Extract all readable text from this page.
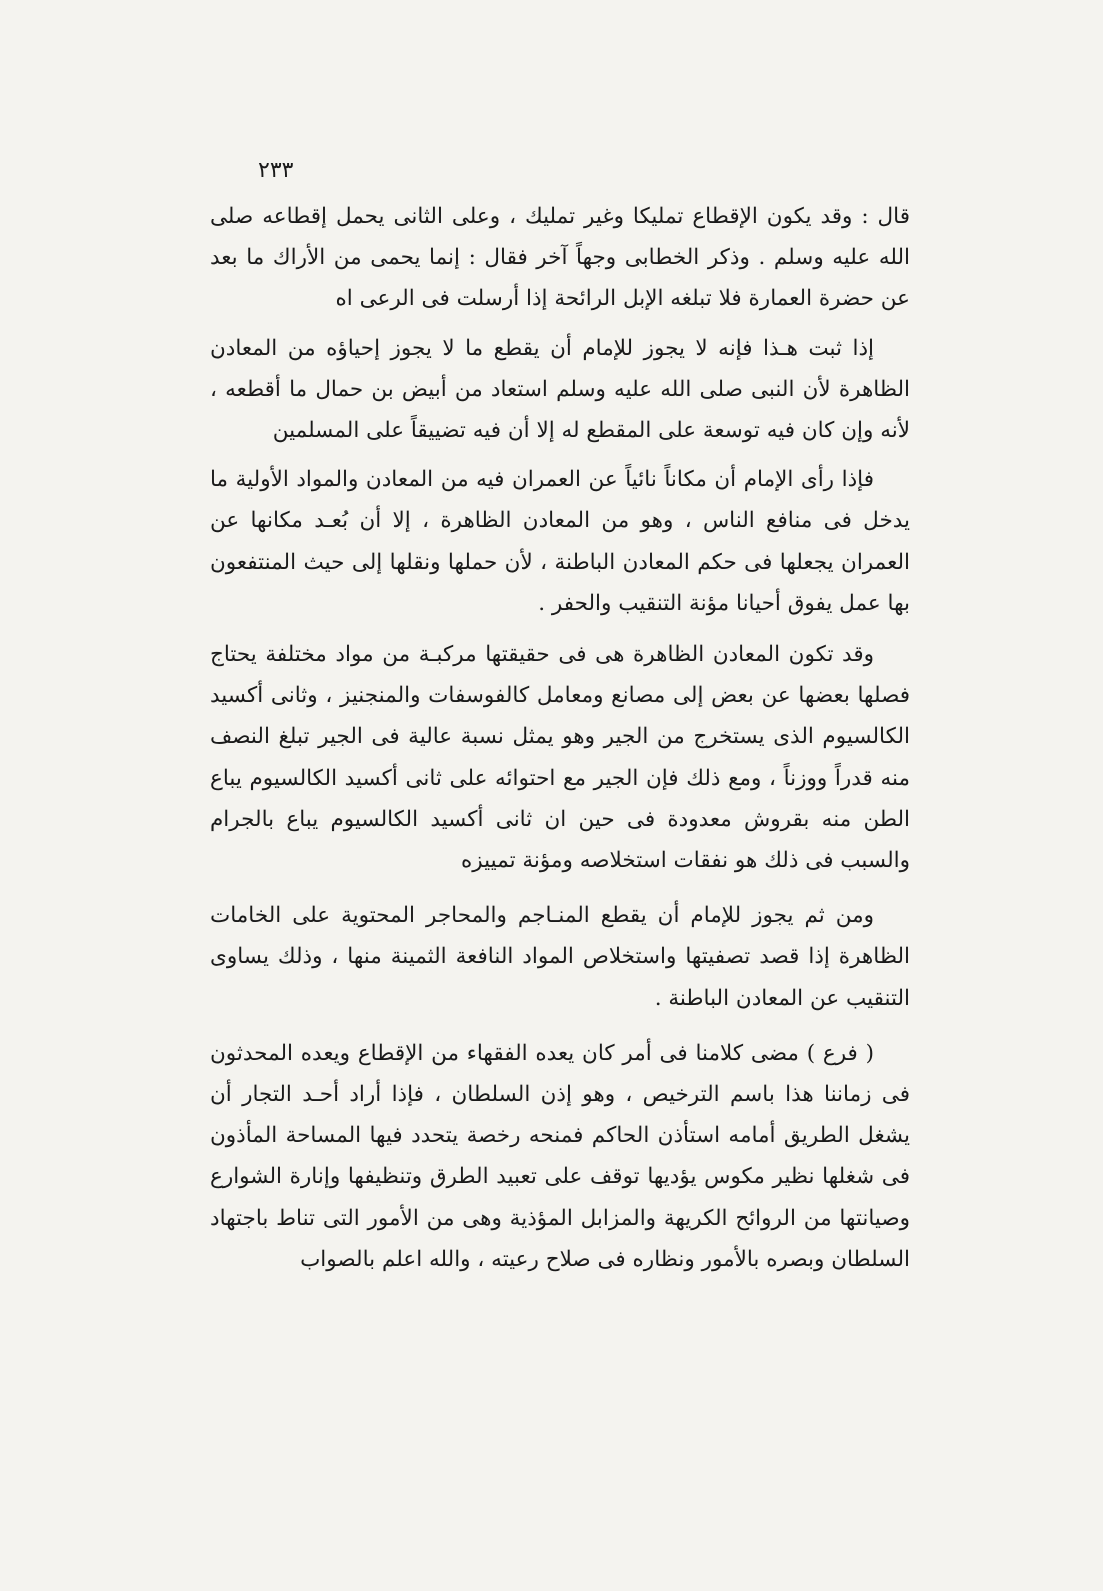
٢٣٣

قال : وقد يكون الإقطاع تمليكا وغير تمليك ، وعلى الثانى يحمل إقطاعه صلى الله عليه وسلم . وذكر الخطابى وجهاً آخر فقال : إنما يحمى من الأراك ما بعد عن حضرة العمارة فلا تبلغه الإبل الرائحة إذا أرسلت فى الرعى اه

إذا ثبت هـذا فإنه لا يجوز للإمام أن يقطع ما لا يجوز إحياؤه من المعادن الظاهرة لأن النبى صلى الله عليه وسلم استعاد من أبيض بن حمال ما أقطعه ، لأنه وإن كان فيه توسعة على المقطع له إلا أن فيه تضييقاً على المسلمين

فإذا رأى الإمام أن مكاناً نائياً عن العمران فيه من المعادن والمواد الأولية ما يدخل فى منافع الناس ، وهو من المعادن الظاهرة ، إلا أن بُعـد مكانها عن العمران يجعلها فى حكم المعادن الباطنة ، لأن حملها ونقلها إلى حيث المنتفعون بها عمل يفوق أحيانا مؤنة التنقيب والحفر .

وقد تكون المعادن الظاهرة هى فى حقيقتها مركبـة من مواد مختلفة يحتاج فصلها بعضها عن بعض إلى مصانع ومعامل كالفوسفات والمنجنيز ، وثانى أكسيد الكالسيوم الذى يستخرج من الجير وهو يمثل نسبة عالية فى الجير تبلغ النصف منه قدراً ووزناً ، ومع ذلك فإن الجير مع احتوائه على ثانى أكسيد الكالسيوم يباع الطن منه بقروش معدودة فى حين ان ثانى أكسيد الكالسيوم يباع بالجرام والسبب فى ذلك هو نفقات استخلاصه ومؤنة تمييزه

ومن ثم يجوز للإمام أن يقطع المنـاجم والمحاجر المحتوية على الخامات الظاهرة إذا قصد تصفيتها واستخلاص المواد النافعة الثمينة منها ، وذلك يساوى التنقيب عن المعادن الباطنة .

( فرع ) مضى كلامنا فى أمر كان يعده الفقهاء من الإقطاع ويعده المحدثون فى زماننا هذا باسم الترخيص ، وهو إذن السلطان ، فإذا أراد أحـد التجار أن يشغل الطريق أمامه استأذن الحاكم فمنحه رخصة يتحدد فيها المساحة المأذون فى شغلها نظير مكوس يؤديها توقف على تعبيد الطرق وتنظيفها وإنارة الشوارع وصيانتها من الروائح الكريهة والمزابل المؤذية وهى من الأمور التى تناط باجتهاد السلطان وبصره بالأمور ونظاره فى صلاح رعيته ، والله اعلم بالصواب
